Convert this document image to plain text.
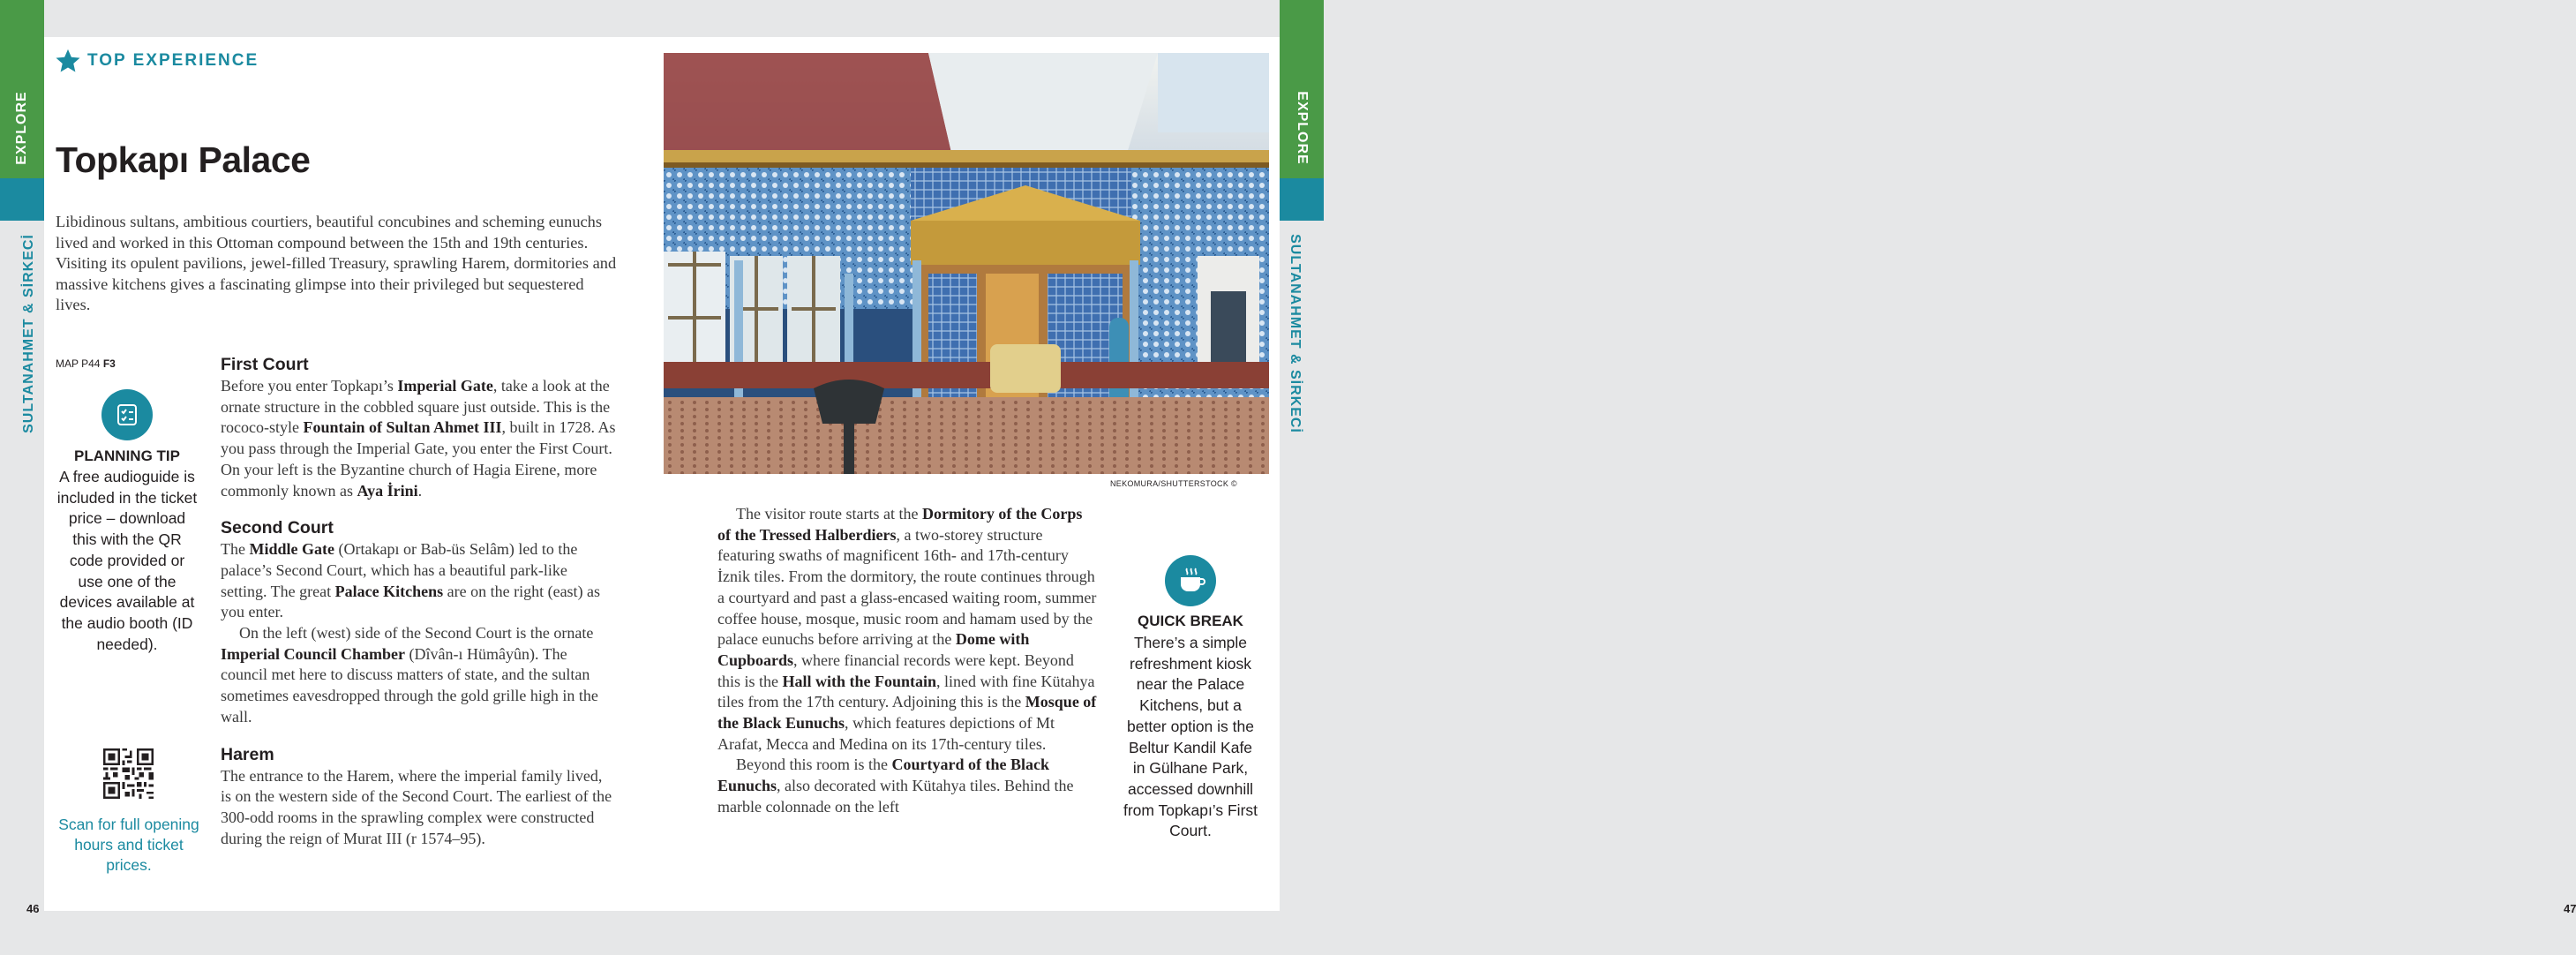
EXPLORE
SULTANAHMET & SİRKECİ
46
EXPLORE
SULTANAHMET & SİRKECİ
47
TOP EXPERIENCE
Topkapı Palace

Libidinous sultans, ambitious courtiers, beautiful concubines and scheming eunuchs lived and worked in this Ottoman compound between the 15th and 19th centuries. Visiting its opulent pavilions, jewel-filled Treasury, sprawling Harem, dormitories and massive kitchens gives a fascinating glimpse into their privileged but sequestered lives.

MAP P44 F3
PLANNING TIP
A free audioguide is included in the ticket price – download this with the QR code provided or use one of the devices available at the audio booth (ID needed).
Scan for full opening hours and ticket prices.
First Court

Before you enter Topkapı’s Imperial Gate, take a look at the ornate structure in the cobbled square just outside. This is the rococo-style Fountain of Sultan Ahmet III, built in 1728. As you pass through the Imperial Gate, you enter the First Court. On your left is the Byzantine church of Hagia Eirene, more commonly known as Aya İrini.

Second Court

The Middle Gate (Ortakapı or Bab-üs Selâm) led to the palace’s Second Court, which has a beautiful park-like setting. The great Palace Kitchens are on the right (east) as you enter.

On the left (west) side of the Second Court is the ornate Imperial Council Chamber (Dîvân-ı Hümâyûn). The council met here to discuss matters of state, and the sultan sometimes eavesdropped through the gold grille high in the wall.

Harem

The entrance to the Harem, where the imperial family lived, is on the western side of the Second Court. The earliest of the 300-odd rooms in the sprawling complex were constructed during the reign of Murat III (r 1574–95).

NEKOMURA/SHUTTERSTOCK ©

The visitor route starts at the Dormitory of the Corps of the Tressed Halberdiers, a two-storey structure featuring swaths of magnificent 16th- and 17th-century İznik tiles. From the dormitory, the route continues through a courtyard and past a glass-encased waiting room, summer coffee house, mosque, music room and hamam used by the palace eunuchs before arriving at the Dome with Cupboards, where financial records were kept. Beyond this is the Hall with the Fountain, lined with fine Kütahya tiles from the 17th century. Adjoining this is the Mosque of the Black Eunuchs, which features depictions of Mt Arafat, Mecca and Medina on its 17th-century tiles.

Beyond this room is the Courtyard of the Black Eunuchs, also decorated with Kütahya tiles. Behind the marble colonnade on the left

QUICK BREAK
There’s a simple refreshment kiosk near the Palace Kitchens, but a better option is the Beltur Kandil Kafe in Gülhane Park, accessed downhill from Topkapı’s First Court.
